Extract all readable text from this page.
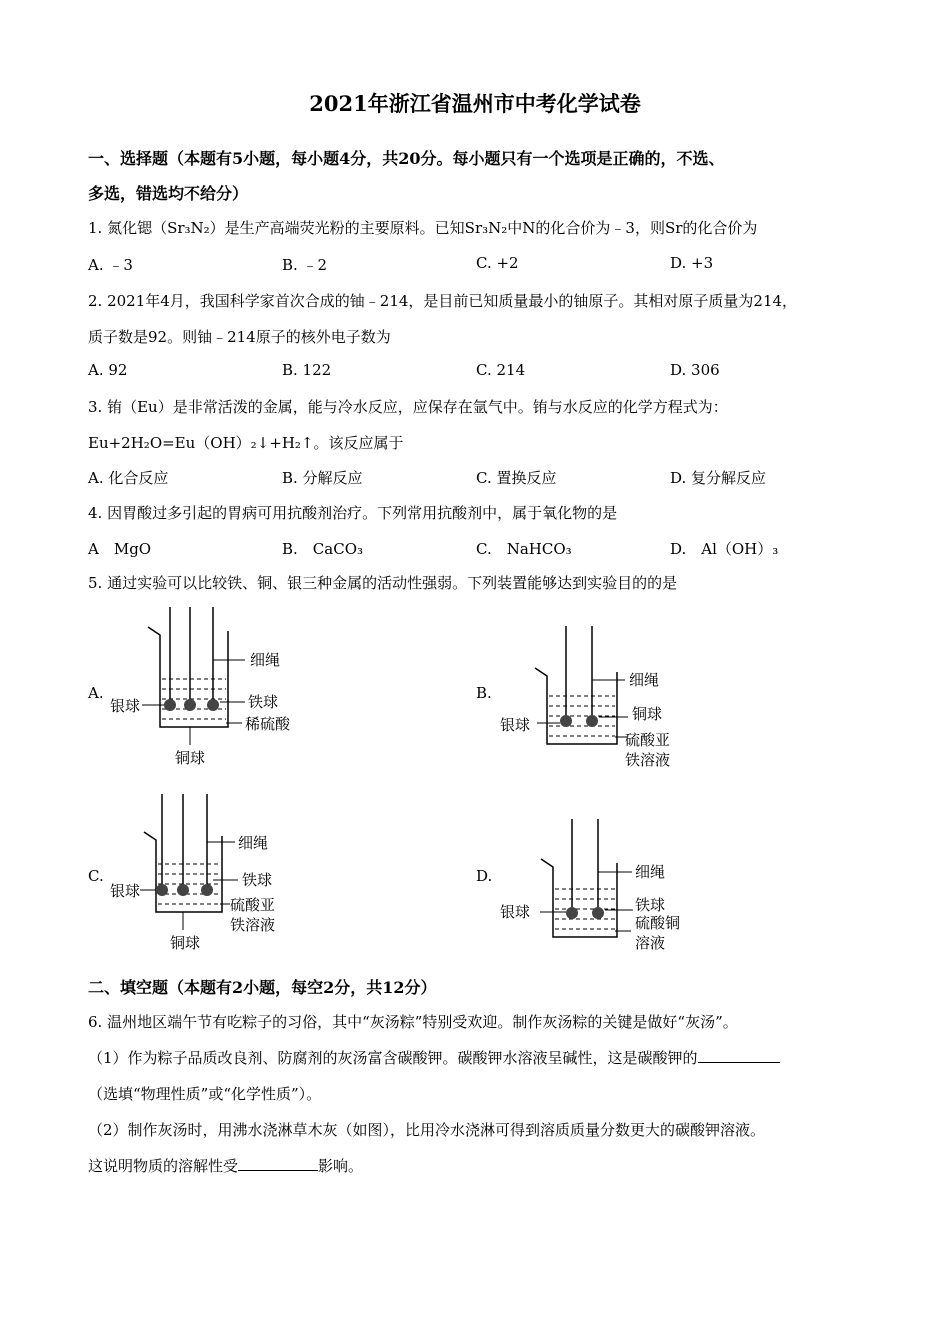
2021年浙江省温州市中考化学试卷
一、选择题（本题有5小题，每小题4分，共20分。每小题只有一个选项是正确的，不选、
多选，错选均不给分）
1. 氮化锶（Sr₃N₂）是生产高端荧光粉的主要原料。已知Sr₃N₂中N的化合价为﹣3，则Sr的化合价为
A. ﹣3	B. ﹣2	C. +2	D. +3
2. 2021年4月，我国科学家首次合成的铀﹣214，是目前已知质量最小的铀原子。其相对原子质量为214，
质子数是92。则铀﹣214原子的核外电子数为
A. 92	B. 122	C. 214	D. 306
3. 铕（Eu）是非常活泼的金属，能与冷水反应，应保存在氩气中。铕与水反应的化学方程式为：
Eu+2H₂O=Eu（OH）₂↓+H₂↑。该反应属于
A. 化合反应	B. 分解反应	C. 置换反应	D. 复分解反应
4. 因胃酸过多引起的胃病可用抗酸剂治疗。下列常用抗酸剂中，属于氧化物的是
A　MgO	B.　CaCO₃	C.　NaHCO₃	D.　Al（OH）₃
5. 通过实验可以比较铁、铜、银三种金属的活动性强弱。下列装置能够达到实验目的的是
A.
细绳
铁球
稀硫酸
银球
铜球
B.
细绳
铜球
硫酸亚
铁溶液
银球
C.
细绳
铁球
硫酸亚
铁溶液
银球
铜球
D.	细绳
铁球
硫酸铜
溶液
银球
二、填空题（本题有2小题，每空2分，共12分）
6. 温州地区端午节有吃粽子的习俗，其中“灰汤粽”特别受欢迎。制作灰汤粽的关键是做好“灰汤”。
（1）作为粽子品质改良剂、防腐剂的灰汤富含碳酸钾。碳酸钾水溶液呈碱性，这是碳酸钾的
（选填“物理性质”或“化学性质”）。
（2）制作灰汤时，用沸水浇淋草木灰（如图），比用冷水浇淋可得到溶质质量分数更大的碳酸钾溶液。
这说明物质的溶解性受	影响。
